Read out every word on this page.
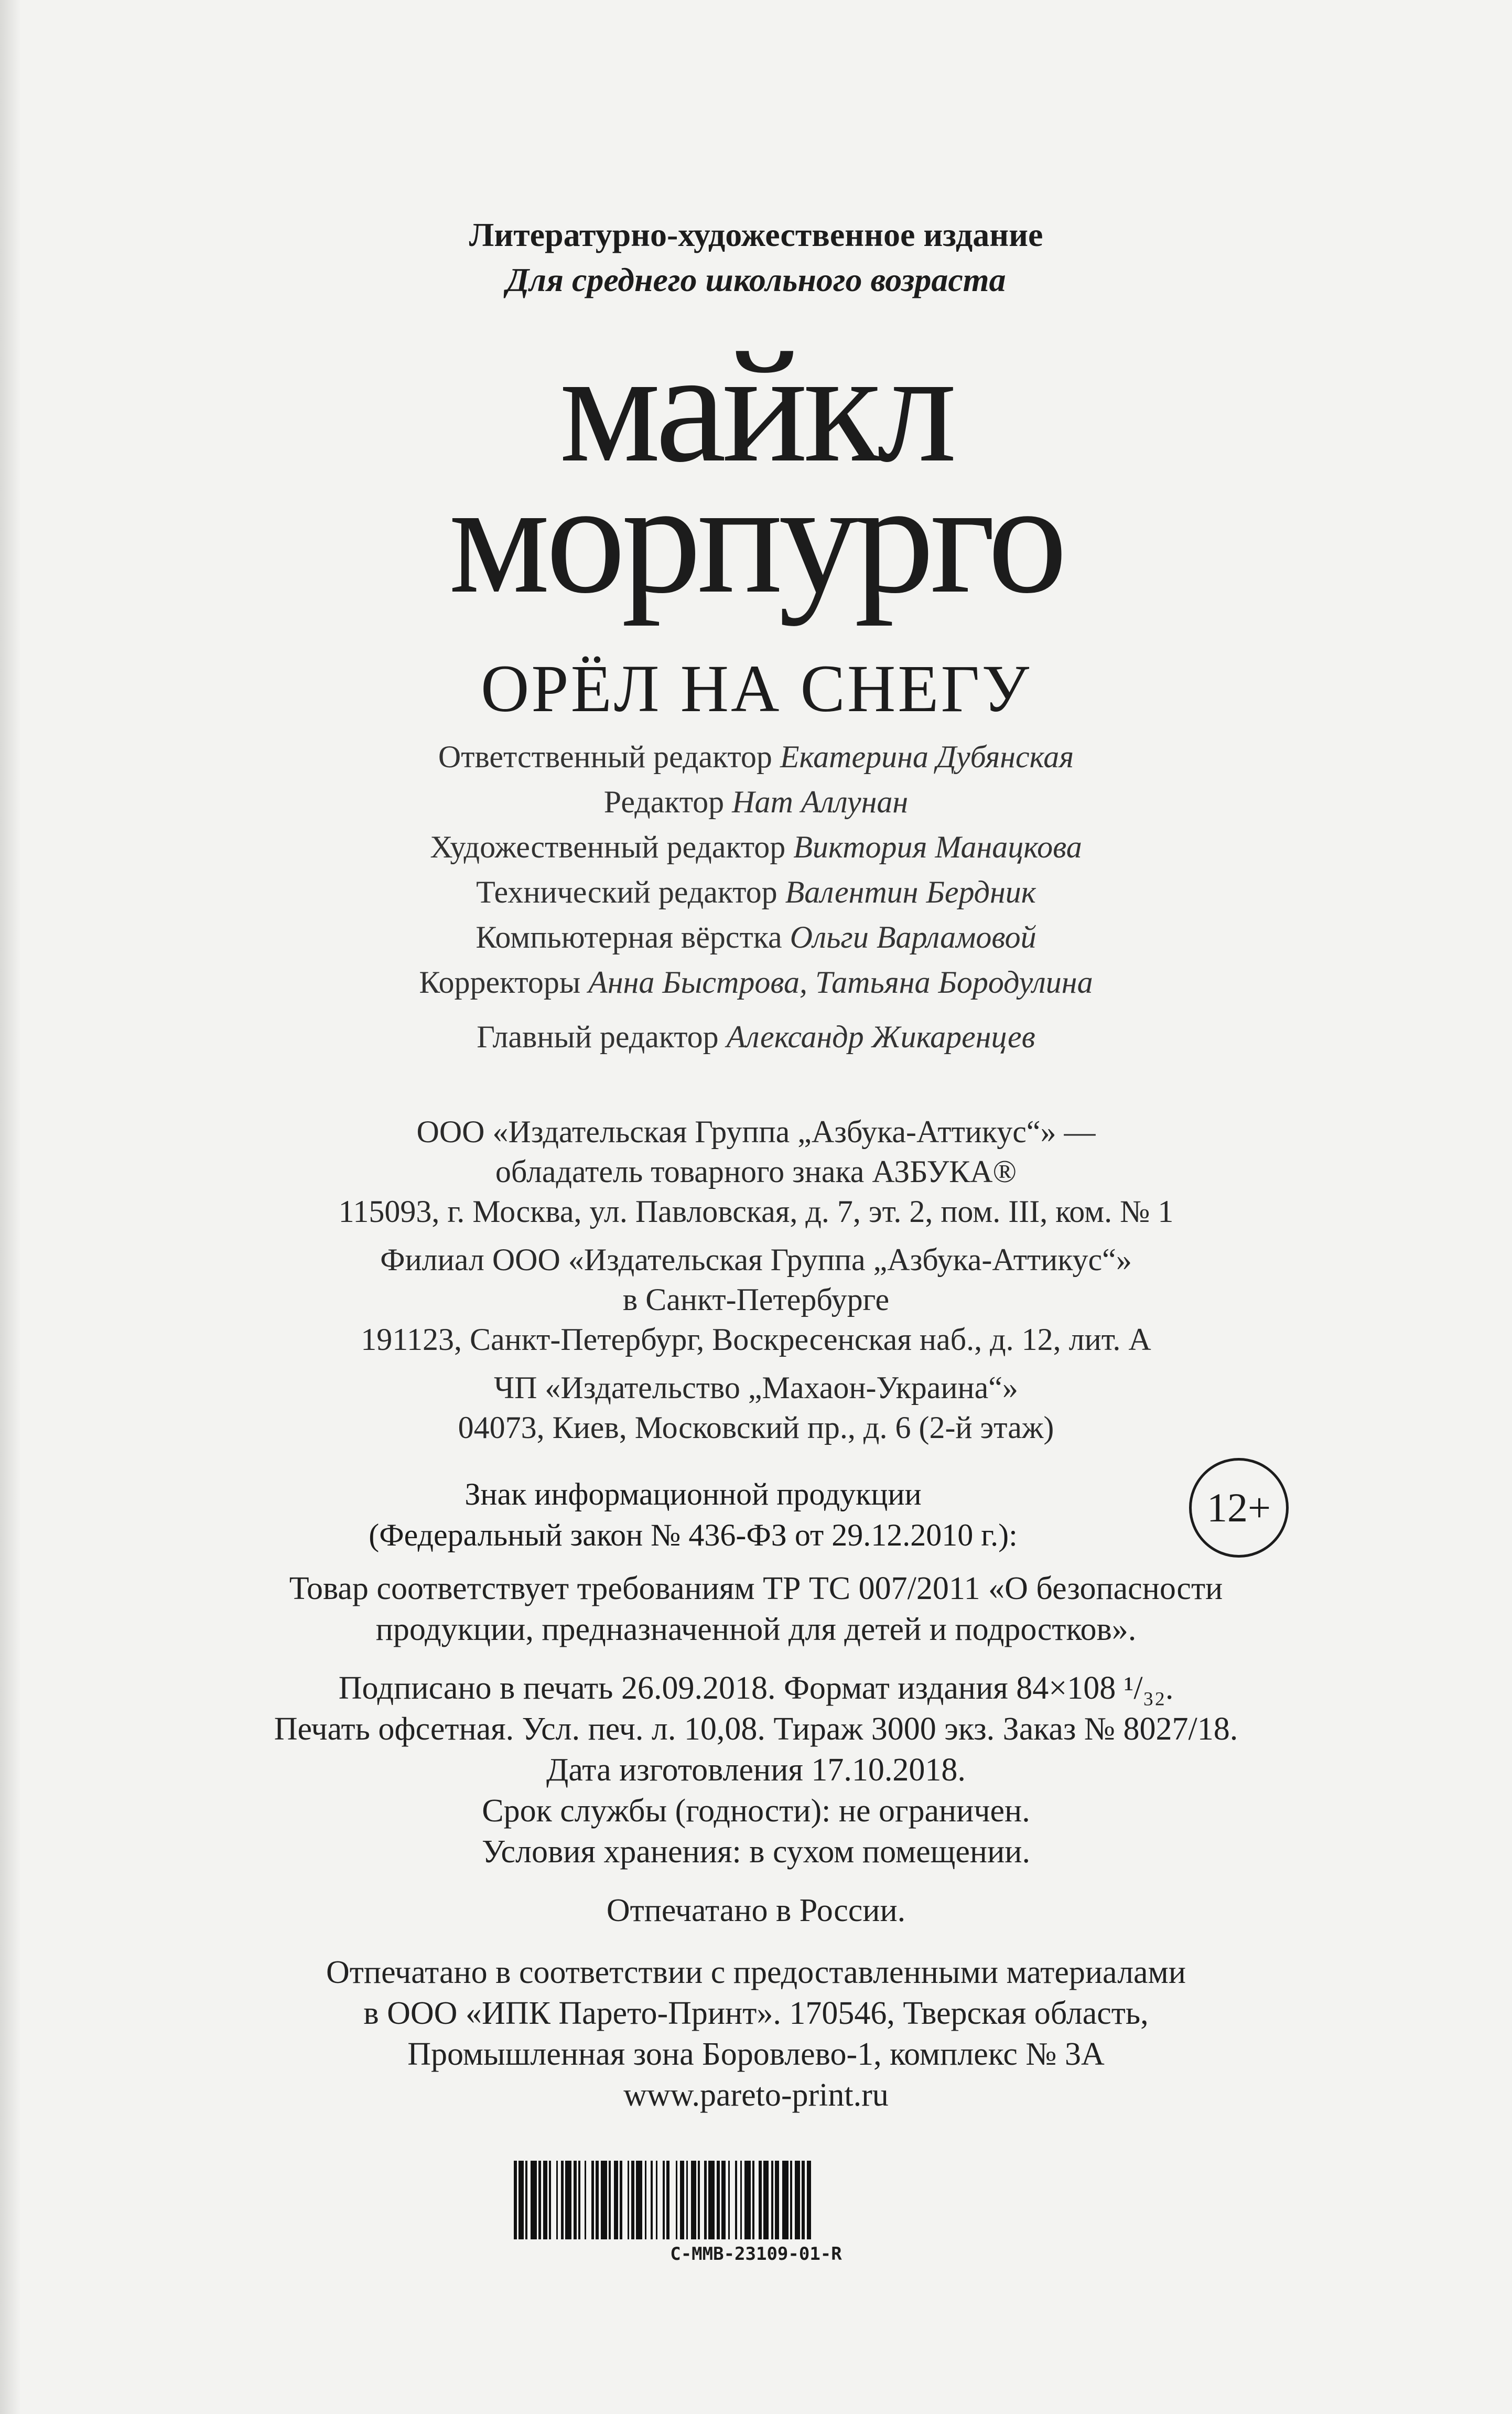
Литературно-художественное издание
Для среднего школьного возраста
майкл
морпурго
ОРЁЛ НА СНЕГУ
Ответственный редактор Екатерина Дубянская
Редактор Нат Аллунан
Художественный редактор Виктория Манацкова
Технический редактор Валентин Бердник
Компьютерная вёрстка Ольги Варламовой
Корректоры Анна Быстрова, Татьяна Бородулина
Главный редактор Александр Жикаренцев
ООО «Издательская Группа „Азбука-Аттикус“» —
обладатель товарного знака АЗБУКА®
115093, г. Москва, ул. Павловская, д. 7, эт. 2, пом. III, ком. № 1
Филиал ООО «Издательская Группа „Азбука-Аттикус“»
в Санкт-Петербурге
191123, Санкт-Петербург, Воскресенская наб., д. 12, лит. А
ЧП «Издательство „Махаон-Украина“»
04073, Киев, Московский пр., д. 6 (2-й этаж)
Знак информационной продукции
(Федеральный закон № 436-ФЗ от 29.12.2010 г.):
12+
Товар соответствует требованиям ТР ТС 007/2011 «О безопасности
продукции, предназначенной для детей и подростков».
Подписано в печать 26.09.2018. Формат издания 84×108 ¹/₃₂.
Печать офсетная. Усл. печ. л. 10,08. Тираж 3000 экз. Заказ № 8027/18.
Дата изготовления 17.10.2018.
Срок службы (годности): не ограничен.
Условия хранения: в сухом помещении.
Отпечатано в России.
Отпечатано в соответствии с предоставленными материалами
в ООО «ИПК Парето-Принт». 170546, Тверская область,
Промышленная зона Боровлево-1, комплекс № 3А
www.pareto-print.ru
C-MMB-23109-01-R
